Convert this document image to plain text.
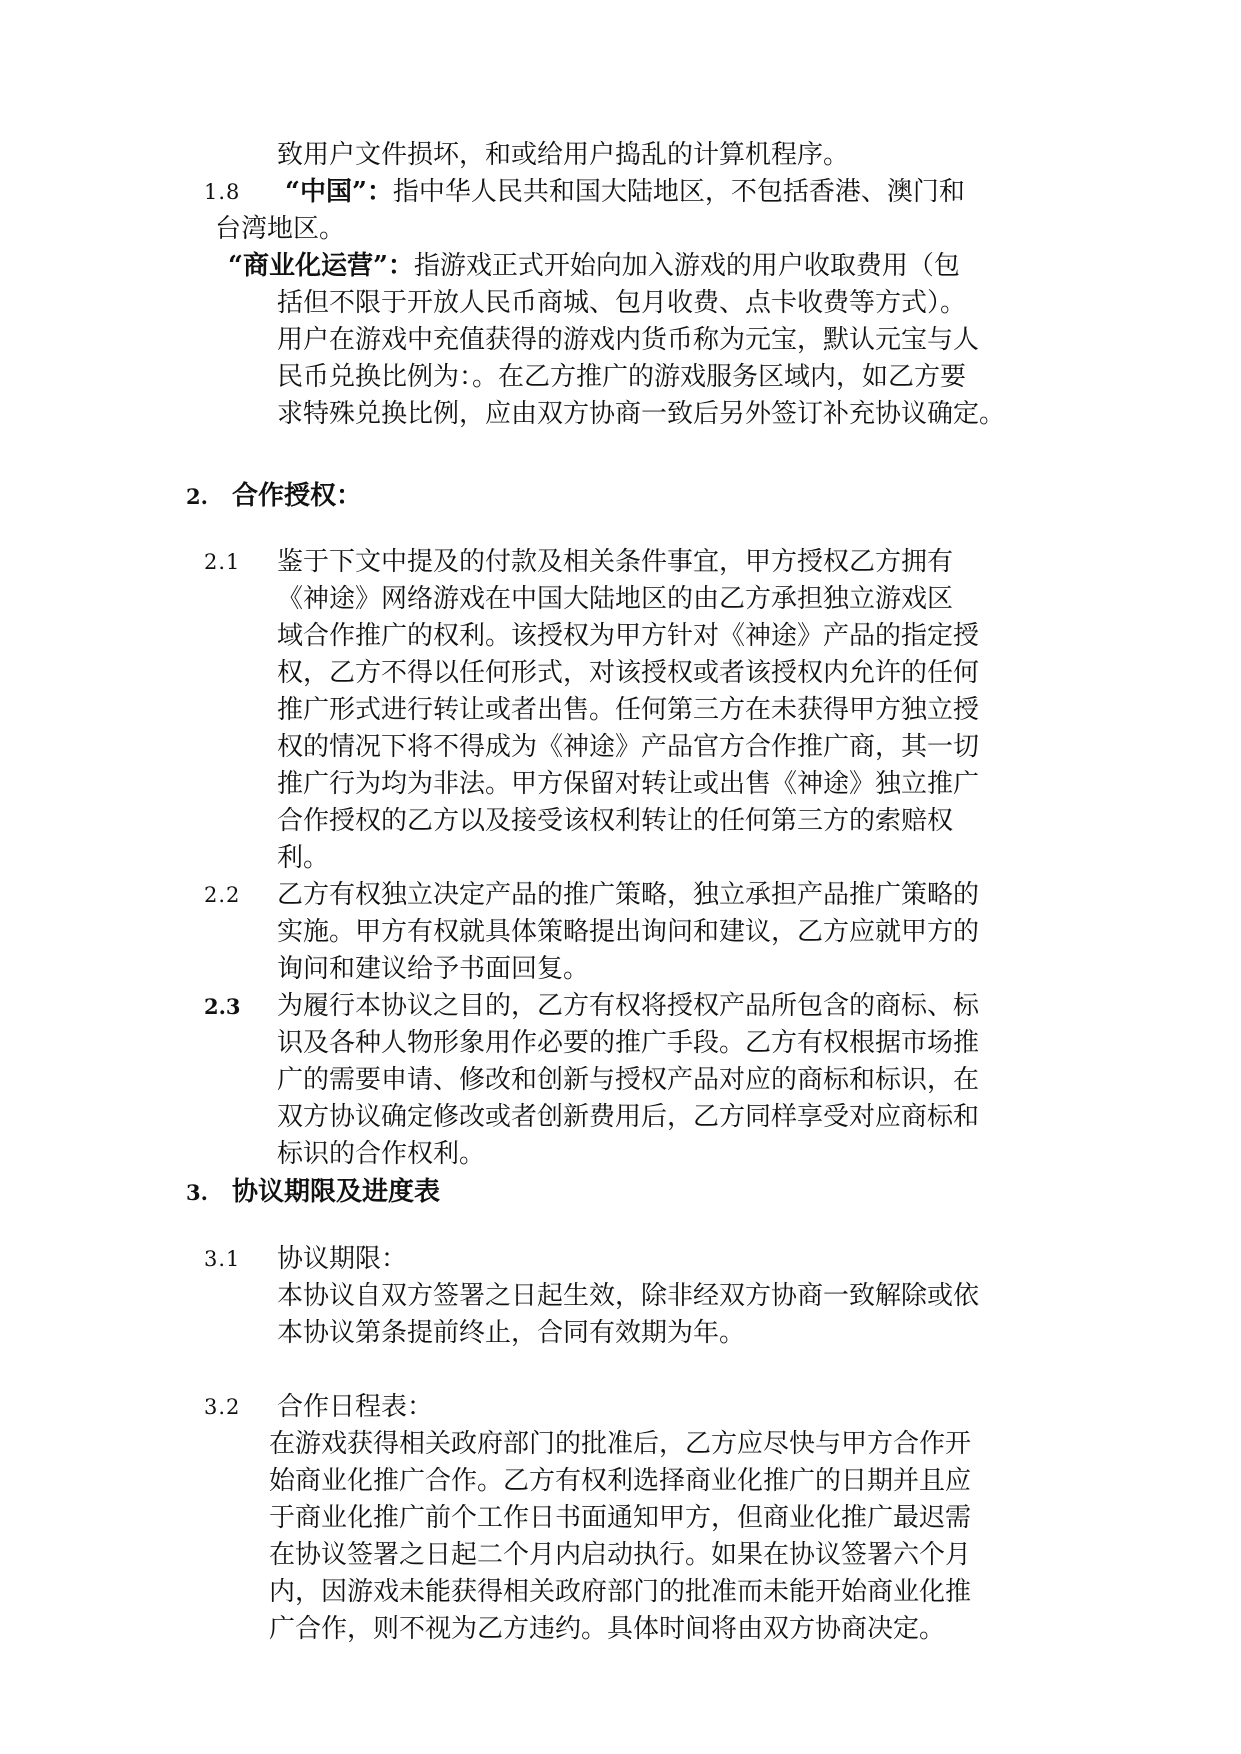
致用户文件损坏，和或给用户捣乱的计算机程序。
1.8 “中国”：指中华人民共和国大陆地区，不包括香港、澳门和
台湾地区。
“商业化运营”：指游戏正式开始向加入游戏的用户收取费用（包
括但不限于开放人民币商城、包月收费、点卡收费等方式）。
用户在游戏中充值获得的游戏内货币称为元宝，默认元宝与人
民币兑换比例为：。在乙方推广的游戏服务区域内，如乙方要
求特殊兑换比例，应由双方协商一致后另外签订补充协议确定。
2. 合作授权：
2.1 鉴于下文中提及的付款及相关条件事宜，甲方授权乙方拥有
《神途》网络游戏在中国大陆地区的由乙方承担独立游戏区
域合作推广的权利。该授权为甲方针对《神途》产品的指定授
权，乙方不得以任何形式，对该授权或者该授权内允许的任何
推广形式进行转让或者出售。任何第三方在未获得甲方独立授
权的情况下将不得成为《神途》产品官方合作推广商，其一切
推广行为均为非法。甲方保留对转让或出售《神途》独立推广
合作授权的乙方以及接受该权利转让的任何第三方的索赔权
利。
2.2 乙方有权独立决定产品的推广策略，独立承担产品推广策略的
实施。甲方有权就具体策略提出询问和建议，乙方应就甲方的
询问和建议给予书面回复。
2.3 为履行本协议之目的，乙方有权将授权产品所包含的商标、标
识及各种人物形象用作必要的推广手段。乙方有权根据市场推
广的需要申请、修改和创新与授权产品对应的商标和标识，在
双方协议确定修改或者创新费用后，乙方同样享受对应商标和
标识的合作权利。
3. 协议期限及进度表
3.1 协议期限：
本协议自双方签署之日起生效，除非经双方协商一致解除或依
本协议第条提前终止，合同有效期为年。
3.2 合作日程表：
在游戏获得相关政府部门的批准后，乙方应尽快与甲方合作开
始商业化推广合作。乙方有权利选择商业化推广的日期并且应
于商业化推广前个工作日书面通知甲方，但商业化推广最迟需
在协议签署之日起二个月内启动执行。如果在协议签署六个月
内，因游戏未能获得相关政府部门的批准而未能开始商业化推
广合作，则不视为乙方违约。具体时间将由双方协商决定。
